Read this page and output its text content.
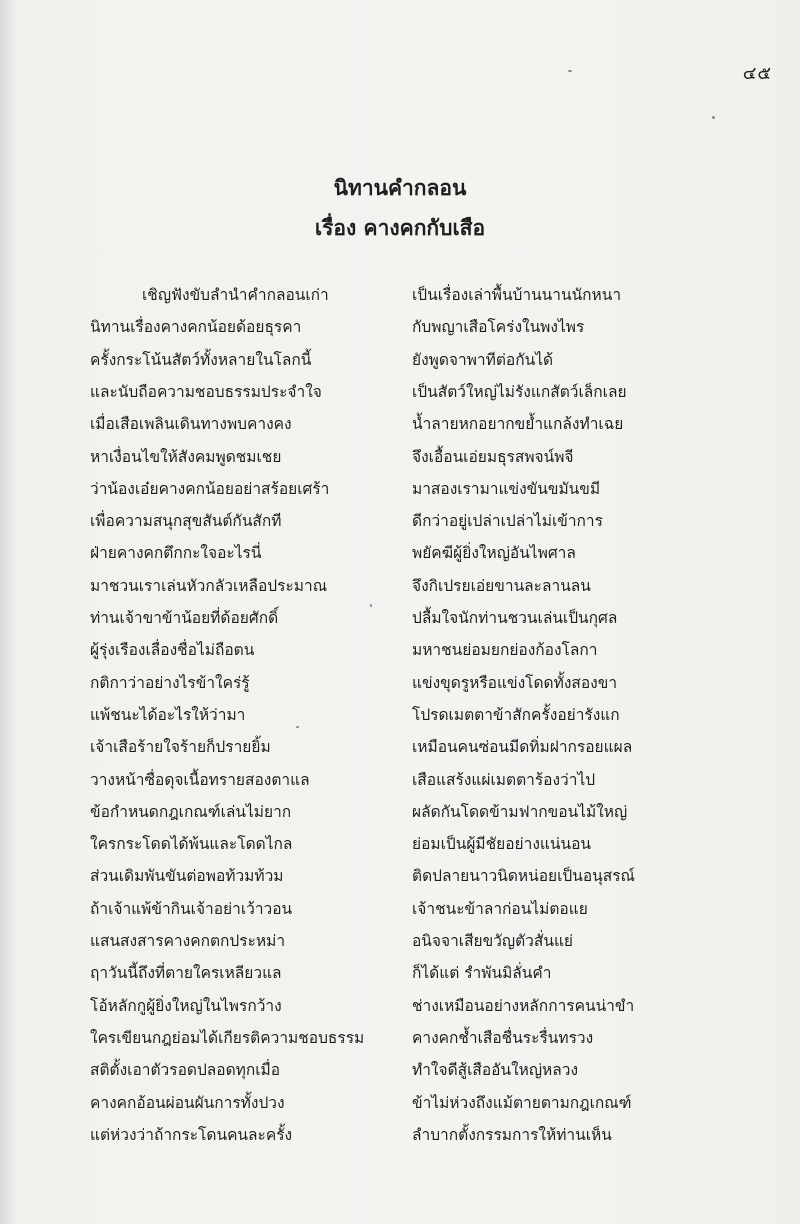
๔๕
นิทานคำกลอน
เรื่อง คางคกกับเสือ
เชิญฟังขับลำนำคำกลอนเก่า	เป็นเรื่องเล่าพื้นบ้านนานนักหนา
นิทานเรื่องคางคกน้อยด้อยธุรคา	กับพญาเสือโคร่งในพงไพร
ครั้งกระโน้นสัตว์ทั้งหลายในโลกนี้	ยังพูดจาพาทีต่อกันได้
และนับถือความชอบธรรมประจำใจ	เป็นสัตว์ใหญ่ไม่รังแกสัตว์เล็กเลย
เมื่อเสือเพลินเดินทางพบคางคง	น้ำลายหกอยากขย้ำแกล้งทำเฉย
หาเงื่อนไขให้สังคมพูดชมเชย	จึงเอื้อนเอ่ยมธุรสพจน์พจี
ว่าน้องเอ๋ยคางคกน้อยอย่าสร้อยเศร้า	มาสองเรามาแข่งขันขมันขมี
เพื่อความสนุกสุขสันต์กันสักที	ดีกว่าอยู่เปล่าเปล่าไม่เข้าการ
ฝ่ายคางคกตึกกะใจอะไรนี่	พยัคฆีผู้ยิ่งใหญ่อันไพศาล
มาชวนเราเล่นหัวกลัวเหลือประมาณ	จึงกิเปรยเอ่ยขานละลานลน
ท่านเจ้าขาข้าน้อยที่ด้อยศักดิ์	ปลื้มใจนักท่านชวนเล่นเป็นกุศล
ผู้รุ่งเรืองเลื่องชื่อไม่ถือตน	มหาชนย่อมยกย่องก้องโลกา
กติกาว่าอย่างไรข้าใคร่รู้	แข่งขุดรูหรือแข่งโดดทั้งสองขา
แพ้ชนะได้อะไรให้ว่ามา	โปรดเมตตาข้าสักครั้งอย่ารังแก
เจ้าเสือร้ายใจร้ายก็ปรายยิ้ม	เหมือนคนซ่อนมีดทิ่มฝากรอยแผล
วางหน้าซื่อดุจเนื้อทรายสองตาแล	เสือแสร้งแผ่เมตตาร้องว่าไป
ข้อกำหนดกฎเกณฑ์เล่นไม่ยาก	ผลัดกันโดดข้ามฟากขอนไม้ใหญ่
ใครกระโดดได้พ้นและโดดไกล	ย่อมเป็นผู้มีชัยอย่างแน่นอน
ส่วนเดิมพันขันต่อพอท้วมท้วม	ติดปลายนาวนิดหน่อยเป็นอนุสรณ์
ถ้าเจ้าแพ้ข้ากินเจ้าอย่าเว้าวอน	เจ้าชนะข้าลาก่อนไม่ตอแย
แสนสงสารคางคกตกประหม่า	อนิจจาเสียขวัญตัวสั่นแย่
ฤาวันนี้ถึงที่ตายใครเหลียวแล	ก็ได้แต่ รำพันมิลั่นคำ
โอ้หลักกูผู้ยิ่งใหญ่ในไพรกว้าง	ช่างเหมือนอย่างหลักการคนน่าขำ
ใครเขียนกฎย่อมได้เกียรติความชอบธรรม	คางคกช้ำเสือชื่นระรื่นทรวง
สติตั้งเอาตัวรอดปลอดทุกเมื่อ	ทำใจดีสู้เสืออันใหญ่หลวง
คางคกอ้อนผ่อนผันการทั้งปวง	ข้าไม่ห่วงถึงแม้ตายตามกฎเกณฑ์
แต่ห่วงว่าถ้ากระโดนคนละครั้ง	ลำบากตั้งกรรมการให้ท่านเห็น
